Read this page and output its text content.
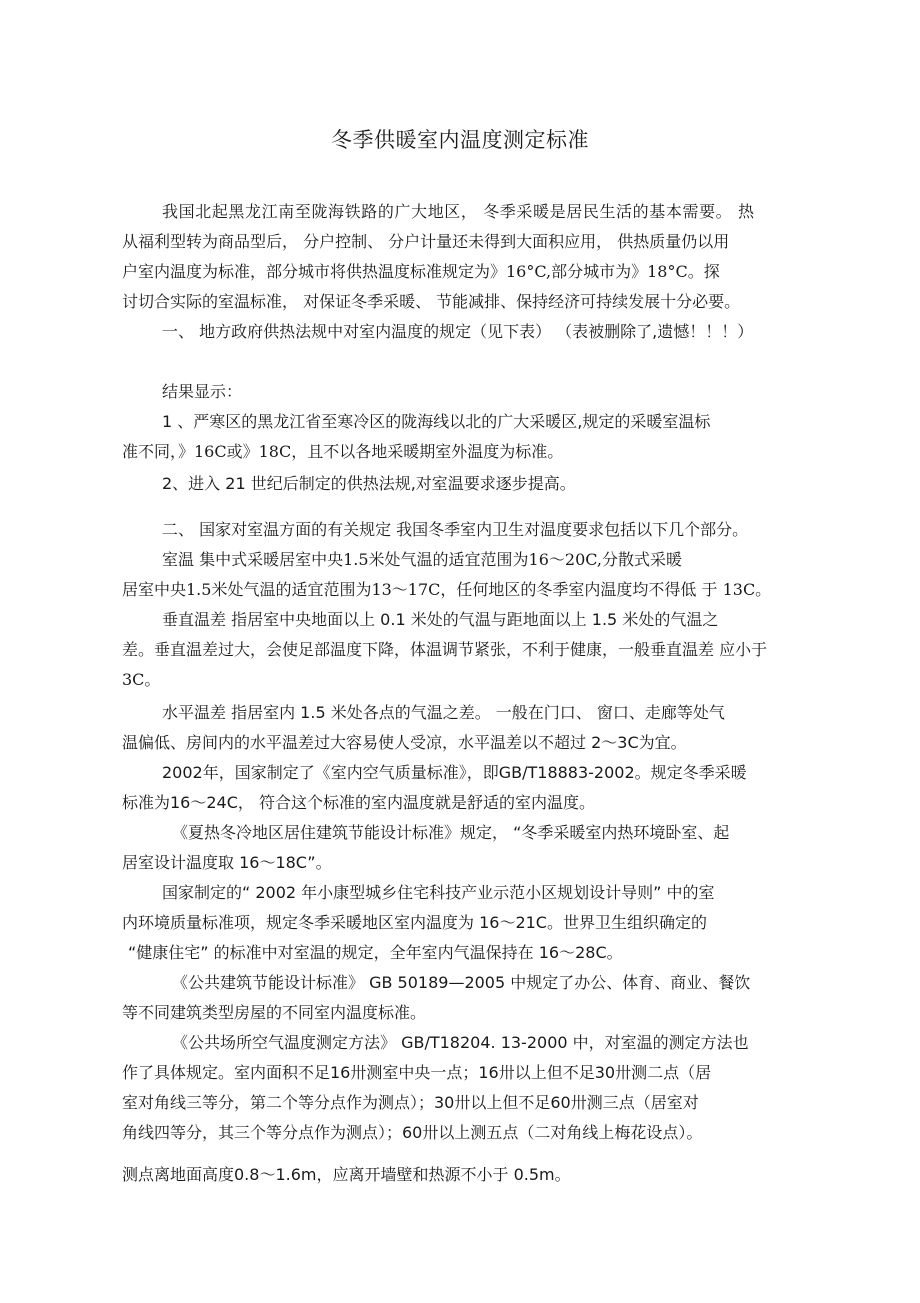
冬季供暖室内温度测定标准
我国北起黑龙江南至陇海铁路的广大地区， 冬季采暖是居民生活的基本需要。 热
从福利型转为商品型后， 分户控制、 分户计量还未得到大面积应用， 供热质量仍以用
户室内温度为标准，部分城市将供热温度标准规定为》16°C,部分城市为》18°C。探
讨切合实际的室温标准， 对保证冬季采暖、 节能减排、保持经济可持续发展十分必要。
一、 地方政府供热法规中对室内温度的规定（见下表） （表被删除了,遗憾！！！）
结果显示：
1 、严寒区的黑龙江省至寒冷区的陇海线以北的广大采暖区,规定的采暖室温标
准不同，》16C或》18C，且不以各地采暖期室外温度为标准。
2、进入 21 世纪后制定的供热法规,对室温要求逐步提高。
二、 国家对室温方面的有关规定 我国冬季室内卫生对温度要求包括以下几个部分。
室温 集中式采暖居室中央1.5米处气温的适宜范围为16～20C,分散式采暖
居室中央1.5米处气温的适宜范围为13～17C，任何地区的冬季室内温度均不得低 于 13C。
垂直温差 指居室中央地面以上 0.1 米处的气温与距地面以上 1.5 米处的气温之
差。垂直温差过大，会使足部温度下降，体温调节紧张，不利于健康，一般垂直温差 应小于
3C。
水平温差 指居室内 1.5 米处各点的气温之差。 一般在门口、 窗口、走廊等处气
温偏低、房间内的水平温差过大容易使人受凉，水平温差以不超过 2～3C为宜。
2002年，国家制定了《室内空气质量标准》，即GB/T18883-2002。规定冬季采暖
标准为16～24C， 符合这个标准的室内温度就是舒适的室内温度。
《夏热冬冷地区居住建筑节能设计标准》规定， “冬季采暖室内热环境卧室、起
居室设计温度取 16～18C”。
国家制定的“ 2002 年小康型城乡住宅科技产业示范小区规划设计导则” 中的室
内环境质量标准项，规定冬季采暖地区室内温度为 16～21C。世界卫生组织确定的
“健康住宅” 的标准中对室温的规定，全年室内气温保持在 16～28C。
《公共建筑节能设计标准》 GB 50189—2005 中规定了办公、体育、商业、餐饮
等不同建筑类型房屋的不同室内温度标准。
《公共场所空气温度测定方法》 GB/T18204. 13-2000 中，对室温的测定方法也
作了具体规定。室内面积不足16卅测室中央一点；16卅以上但不足30卅测二点（居
室对角线三等分，第二个等分点作为测点）；30卅以上但不足60卅测三点（居室对
角线四等分，其三个等分点作为测点）；60卅以上测五点（二对角线上梅花设点）。
测点离地面高度0.8～1.6m，应离开墙壁和热源不小于 0.5m。
